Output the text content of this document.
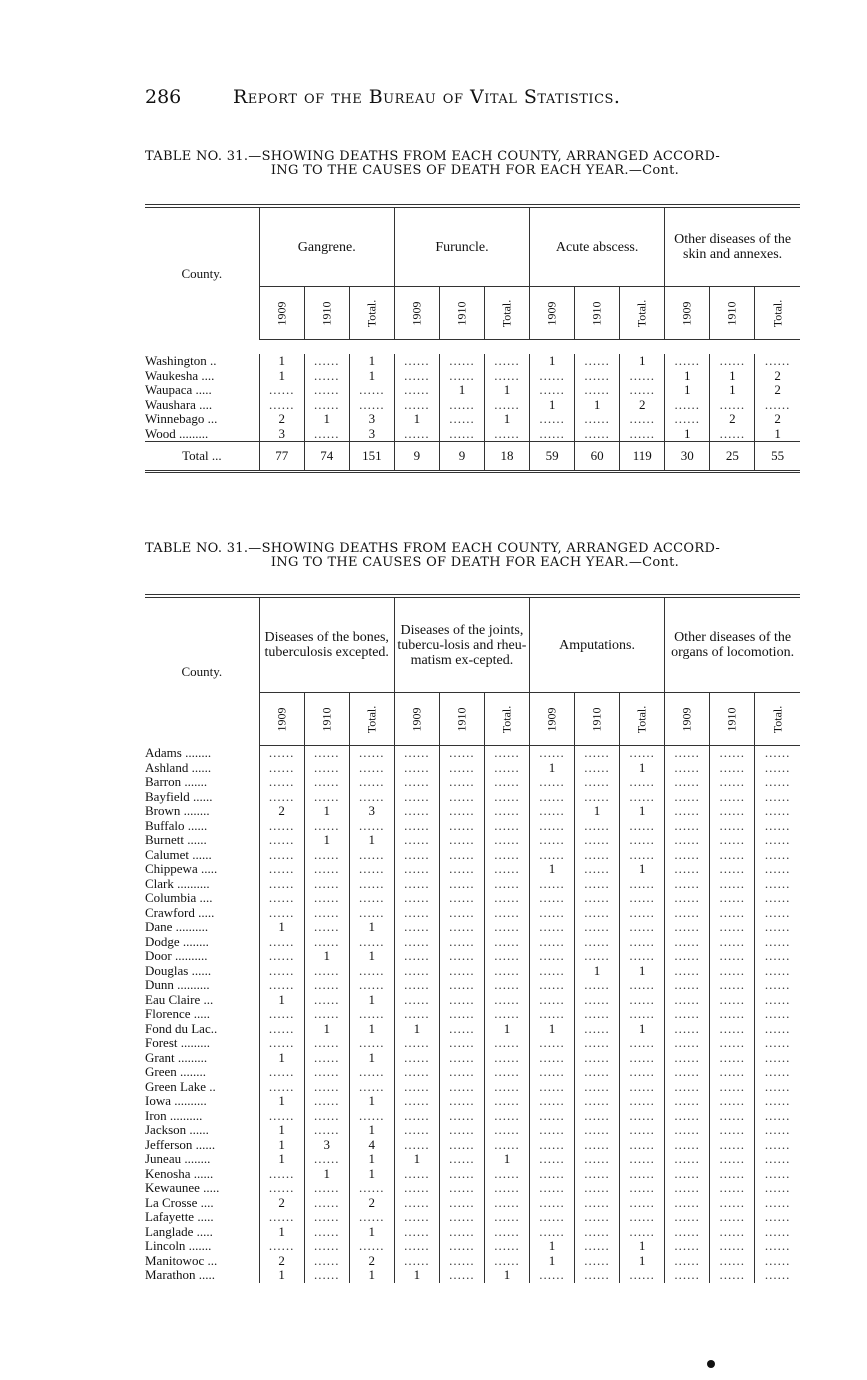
286	Report of the Bureau of Vital Statistics.
TABLE NO. 31.—SHOWING DEATHS FROM EACH COUNTY, ARRANGED ACCORD-
ING TO THE CAUSES OF DEATH FOR EACH YEAR.—Cont.
County.	Gangrene.			Furuncle.			Acute abscess.			Other diseases of the skin and annexes.		
	1909	1910	Total.	1909	1910	Total.	1909	1910	Total.	1909	1910	Total.

Washington ..	1	......	1	......	......	......	1	......	1	......	......	......
Waukesha ....	1	......	1	......	......	......	......	......	......	1	1	2
Waupaca .....	......	......	......	......	1	1	......	......	......	1	1	2
Waushara ....	......	......	......	......	......	......	1	1	2	......	......	......
Winnebago ...	2	1	3	1	......	1	......	......	......	......	2	2
Wood .........	3	......	3	......	......	......	......	......	......	1	......	1
Total ...	77	74	151	9	9	18	59	60	119	30	25	55
TABLE NO. 31.—SHOWING DEATHS FROM EACH COUNTY, ARRANGED ACCORD-
ING TO THE CAUSES OF DEATH FOR EACH YEAR.—Cont.
County.	Diseases of the bones, tuberculosis excepted.			Diseases of the joints, tubercu-losis and rheu-matism ex-cepted.			Amputations.			Other diseases of the organs of locomotion.		
	1909	1910	Total.	1909	1910	Total.	1909	1910	Total.	1909	1910	Total.
Adams ........	......	......	......	......	......	......	......	......	......	......	......	......
Ashland ......	......	......	......	......	......	......	1	......	1	......	......	......
Barron .......	......	......	......	......	......	......	......	......	......	......	......	......
Bayfield ......	......	......	......	......	......	......	......	......	......	......	......	......
Brown ........	2	1	3	......	......	......	......	1	1	......	......	......
Buffalo ......	......	......	......	......	......	......	......	......	......	......	......	......
Burnett ......	......	1	1	......	......	......	......	......	......	......	......	......
Calumet ......	......	......	......	......	......	......	......	......	......	......	......	......
Chippewa .....	......	......	......	......	......	......	1	......	1	......	......	......
Clark ..........	......	......	......	......	......	......	......	......	......	......	......	......
Columbia ....	......	......	......	......	......	......	......	......	......	......	......	......
Crawford .....	......	......	......	......	......	......	......	......	......	......	......	......
Dane ..........	1	......	1	......	......	......	......	......	......	......	......	......
Dodge ........	......	......	......	......	......	......	......	......	......	......	......	......
Door ..........	......	1	1	......	......	......	......	......	......	......	......	......
Douglas ......	......	......	......	......	......	......	......	1	1	......	......	......
Dunn ..........	......	......	......	......	......	......	......	......	......	......	......	......
Eau Claire ...	1	......	1	......	......	......	......	......	......	......	......	......
Florence .....	......	......	......	......	......	......	......	......	......	......	......	......
Fond du Lac..	......	1	1	1	......	1	1	......	1	......	......	......
Forest .........	......	......	......	......	......	......	......	......	......	......	......	......
Grant .........	1	......	1	......	......	......	......	......	......	......	......	......
Green ........	......	......	......	......	......	......	......	......	......	......	......	......
Green Lake ..	......	......	......	......	......	......	......	......	......	......	......	......
Iowa ..........	1	......	1	......	......	......	......	......	......	......	......	......
Iron ..........	......	......	......	......	......	......	......	......	......	......	......	......
Jackson ......	1	......	1	......	......	......	......	......	......	......	......	......
Jefferson ......	1	3	4	......	......	......	......	......	......	......	......	......
Juneau ........	1	......	1	1	......	1	......	......	......	......	......	......
Kenosha ......	......	1	1	......	......	......	......	......	......	......	......	......
Kewaunee .....	......	......	......	......	......	......	......	......	......	......	......	......
La Crosse ....	2	......	2	......	......	......	......	......	......	......	......	......
Lafayette .....	......	......	......	......	......	......	......	......	......	......	......	......
Langlade .....	1	......	1	......	......	......	......	......	......	......	......	......
Lincoln .......	......	......	......	......	......	......	1	......	1	......	......	......
Manitowoc ...	2	......	2	......	......	......	1	......	1	......	......	......
Marathon .....	1	......	1	1	......	1	......	......	......	......	......	......
